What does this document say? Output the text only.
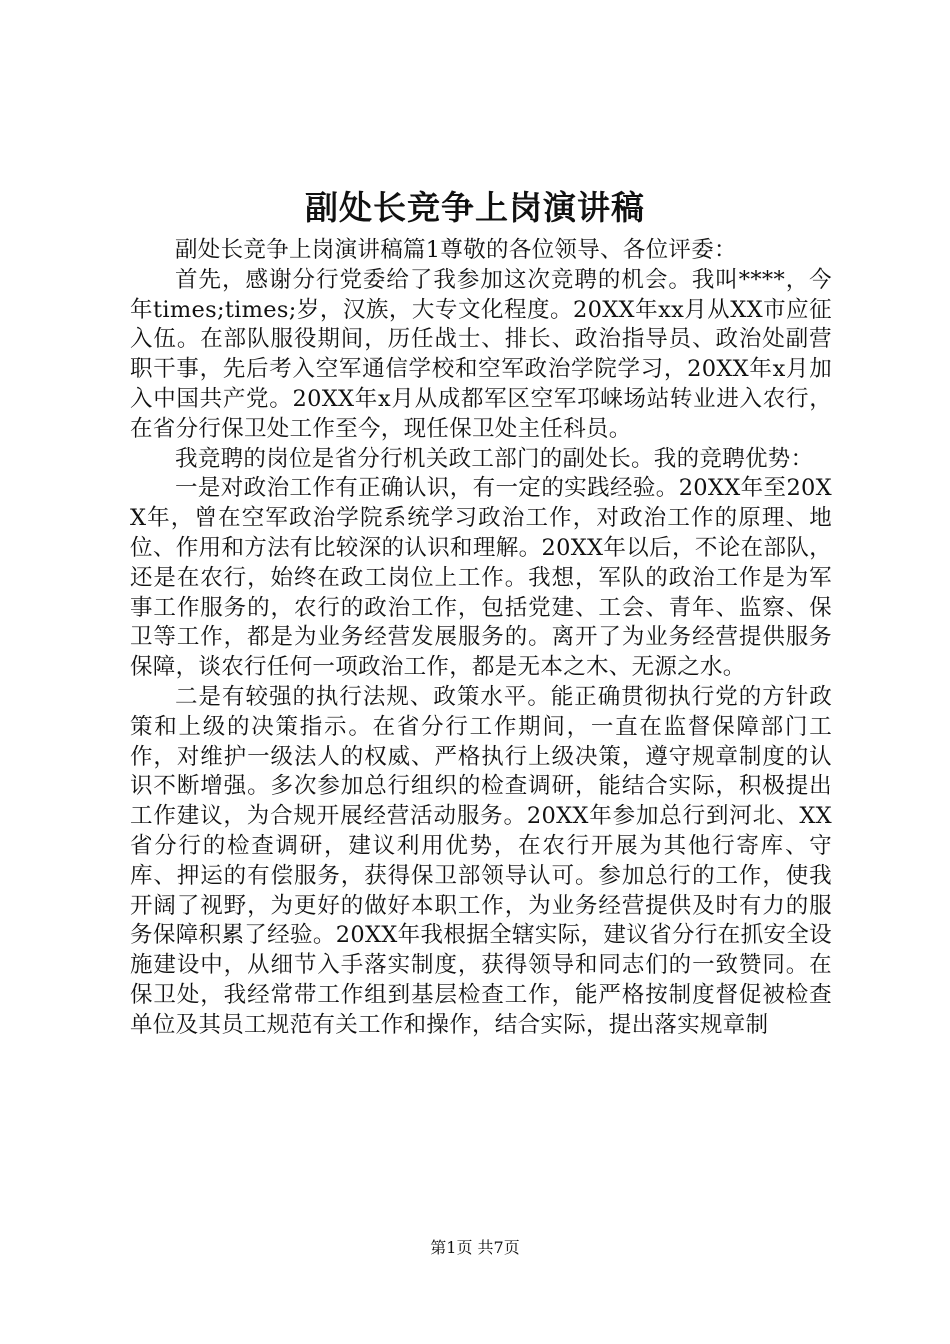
副处长竞争上岗演讲稿

副处长竞争上岗演讲稿篇1尊敬的各位领导、各位评委：

首先，感谢分行党委给了我参加这次竞聘的机会。我叫****，今年times;times;岁，汉族，大专文化程度。20XX年xx月从XX市应征入伍。在部队服役期间，历任战士、排长、政治指导员、政治处副营职干事，先后考入空军通信学校和空军政治学院学习，20XX年x月加入中国共产党。20XX年x月从成都军区空军邛崃场站转业进入农行，在省分行保卫处工作至今，现任保卫处主任科员。

我竞聘的岗位是省分行机关政工部门的副处长。我的竞聘优势：

一是对政治工作有正确认识，有一定的实践经验。20XX年至20XX年，曾在空军政治学院系统学习政治工作，对政治工作的原理、地位、作用和方法有比较深的认识和理解。20XX年以后，不论在部队，还是在农行，始终在政工岗位上工作。我想，军队的政治工作是为军事工作服务的，农行的政治工作，包括党建、工会、青年、监察、保卫等工作，都是为业务经营发展服务的。离开了为业务经营提供服务保障，谈农行任何一项政治工作，都是无本之木、无源之水。

二是有较强的执行法规、政策水平。能正确贯彻执行党的方针政策和上级的决策指示。在省分行工作期间，一直在监督保障部门工作，对维护一级法人的权威、严格执行上级决策，遵守规章制度的认识不断增强。多次参加总行组织的检查调研，能结合实际，积极提出工作建议，为合规开展经营活动服务。20XX年参加总行到河北、XX省分行的检查调研，建议利用优势，在农行开展为其他行寄库、守库、押运的有偿服务，获得保卫部领导认可。参加总行的工作，使我开阔了视野，为更好的做好本职工作，为业务经营提供及时有力的服务保障积累了经验。20XX年我根据全辖实际，建议省分行在抓安全设施建设中，从细节入手落实制度，获得领导和同志们的一致赞同。在保卫处，我经常带工作组到基层检查工作，能严格按制度督促被检查单位及其员工规范有关工作和操作，结合实际，提出落实规章制

第1页 共7页
